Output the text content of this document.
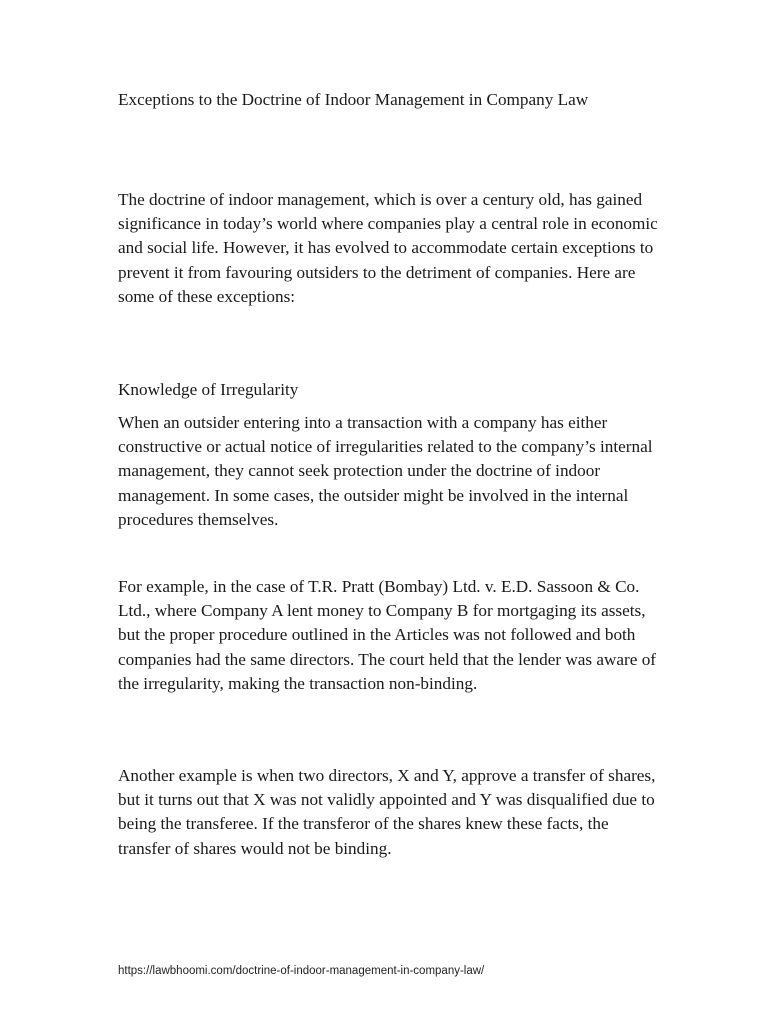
Exceptions to the Doctrine of Indoor Management in Company Law

The doctrine of indoor management, which is over a century old, has gained significance in today’s world where companies play a central role in economic and social life. However, it has evolved to accommodate certain exceptions to prevent it from favouring outsiders to the detriment of companies. Here are some of these exceptions:

Knowledge of Irregularity

When an outsider entering into a transaction with a company has either constructive or actual notice of irregularities related to the company’s internal management, they cannot seek protection under the doctrine of indoor management. In some cases, the outsider might be involved in the internal procedures themselves.

For example, in the case of T.R. Pratt (Bombay) Ltd. v. E.D. Sassoon & Co. Ltd., where Company A lent money to Company B for mortgaging its assets, but the proper procedure outlined in the Articles was not followed and both companies had the same directors. The court held that the lender was aware of the irregularity, making the transaction non-binding.

Another example is when two directors, X and Y, approve a transfer of shares, but it turns out that X was not validly appointed and Y was disqualified due to being the transferee. If the transferor of the shares knew these facts, the transfer of shares would not be binding.

https://lawbhoomi.com/doctrine-of-indoor-management-in-company-law/
